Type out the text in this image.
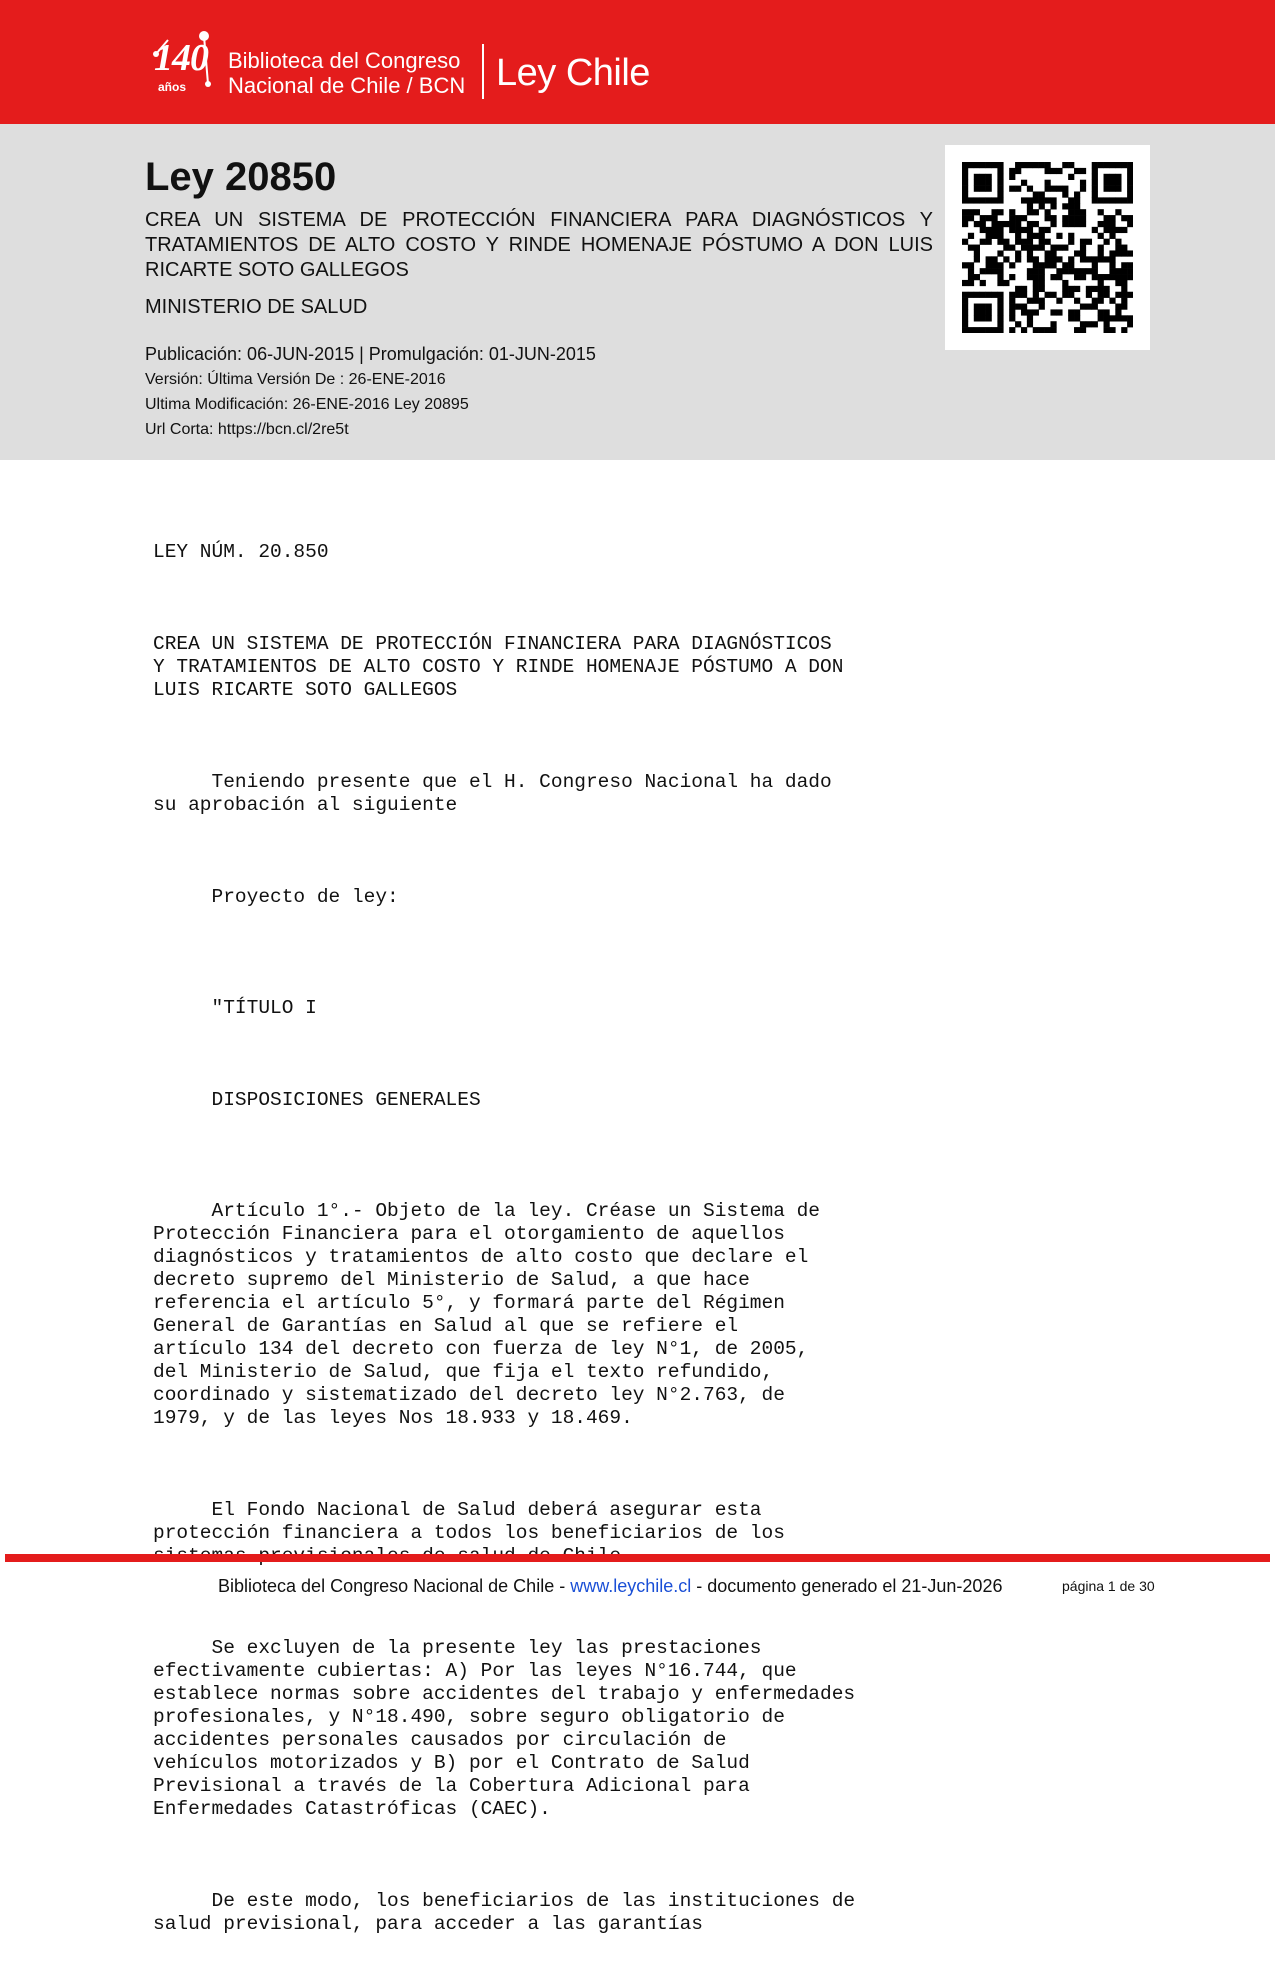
140
años
Biblioteca del Congreso
Nacional de Chile / BCN Ley Chile
Ley 20850
CREA UN SISTEMA DE PROTECCIÓN FINANCIERA PARA DIAGNÓSTICOS Y TRATAMIENTOS DE ALTO COSTO Y RINDE HOMENAJE PÓSTUMO A DON LUIS RICARTE SOTO GALLEGOS
MINISTERIO DE SALUD
Publicación: 06-JUN-2015 | Promulgación: 01-JUN-2015
Versión: Última Versión De : 26-ENE-2016
Ultima Modificación: 26-ENE-2016 Ley 20895
Url Corta: https://bcn.cl/2re5t

LEY NÚM. 20.850

CREA UN SISTEMA DE PROTECCIÓN FINANCIERA PARA DIAGNÓSTICOS
Y TRATAMIENTOS DE ALTO COSTO Y RINDE HOMENAJE PÓSTUMO A DON
LUIS RICARTE SOTO GALLEGOS

Teniendo presente que el H. Congreso Nacional ha dado
su aprobación al siguiente

Proyecto de ley:

"TÍTULO I

DISPOSICIONES GENERALES

Artículo 1°.- Objeto de la ley. Créase un Sistema de
Protección Financiera para el otorgamiento de aquellos
diagnósticos y tratamientos de alto costo que declare el
decreto supremo del Ministerio de Salud, a que hace
referencia el artículo 5°, y formará parte del Régimen
General de Garantías en Salud al que se refiere el
artículo 134 del decreto con fuerza de ley N°1, de 2005,
del Ministerio de Salud, que fija el texto refundido,
coordinado y sistematizado del decreto ley N°2.763, de
1979, y de las leyes Nos 18.933 y 18.469.

El Fondo Nacional de Salud deberá asegurar esta
protección financiera a todos los beneficiarios de los

Se excluyen de la presente ley las prestaciones
efectivamente cubiertas: A) Por las leyes N°16.744, que
establece normas sobre accidentes del trabajo y enfermedades
profesionales, y N°18.490, sobre seguro obligatorio de
accidentes personales causados por circulación de
vehículos motorizados y B) por el Contrato de Salud
Previsional a través de la Cobertura Adicional para
Enfermedades Catastróficas (CAEC).

De este modo, los beneficiarios de las instituciones de
salud previsional, para acceder a las garantías

Biblioteca del Congreso Nacional de Chile - www.leychile.cl - documento generado el 21-Jun-2026	página 1 de 30
